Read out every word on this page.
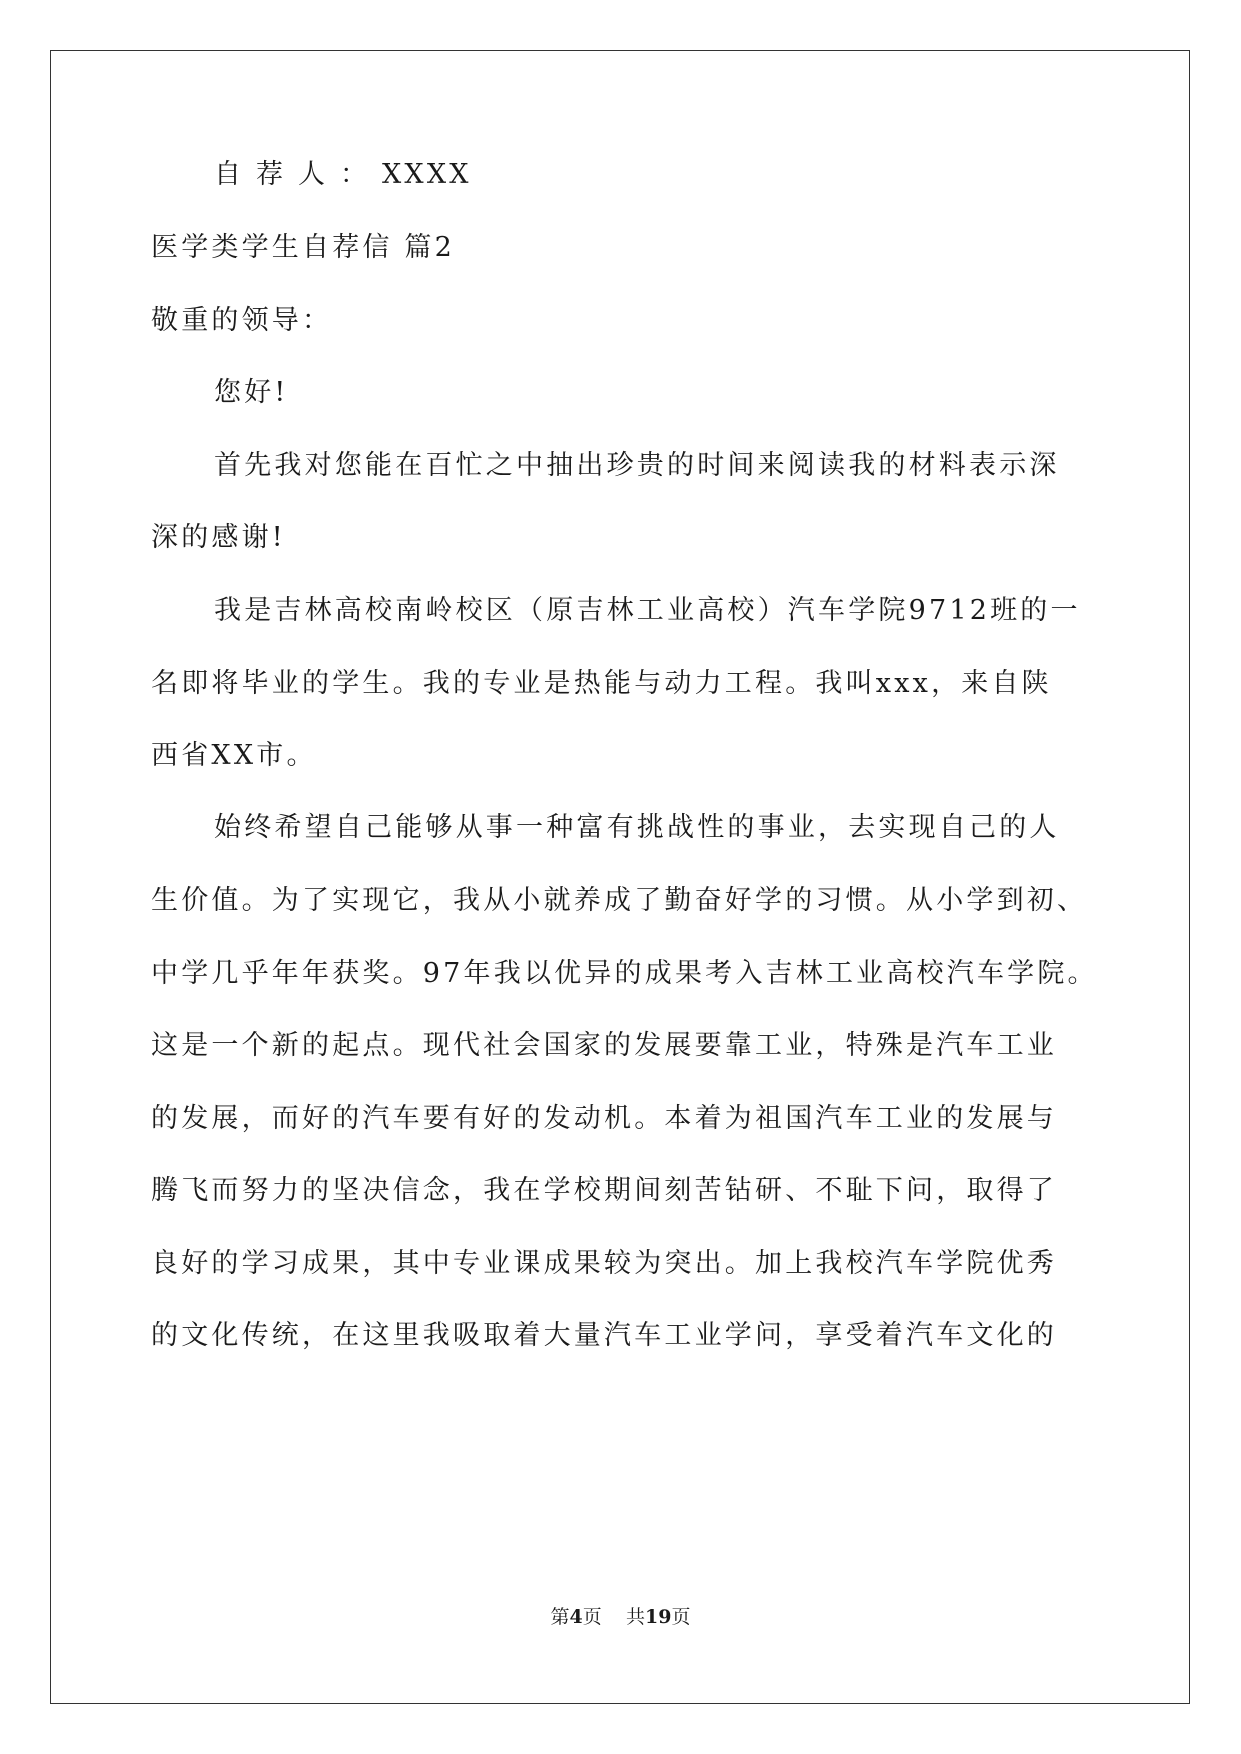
自荐人：XXXX
医学类学生自荐信 篇2
敬重的领导：
您好!
首先我对您能在百忙之中抽出珍贵的时间来阅读我的材料表示深
深的感谢!
我是吉林高校南岭校区（原吉林工业高校）汽车学院9712班的一
名即将毕业的学生。我的专业是热能与动力工程。我叫xxx，来自陕
西省XX市。
始终希望自己能够从事一种富有挑战性的事业，去实现自己的人
生价值。为了实现它，我从小就养成了勤奋好学的习惯。从小学到初、
中学几乎年年获奖。97年我以优异的成果考入吉林工业高校汽车学院。
这是一个新的起点。现代社会国家的发展要靠工业，特殊是汽车工业
的发展，而好的汽车要有好的发动机。本着为祖国汽车工业的发展与
腾飞而努力的坚决信念，我在学校期间刻苦钻研、不耻下问，取得了
良好的学习成果，其中专业课成果较为突出。加上我校汽车学院优秀
的文化传统，在这里我吸取着大量汽车工业学问，享受着汽车文化的
第4页 共19页
